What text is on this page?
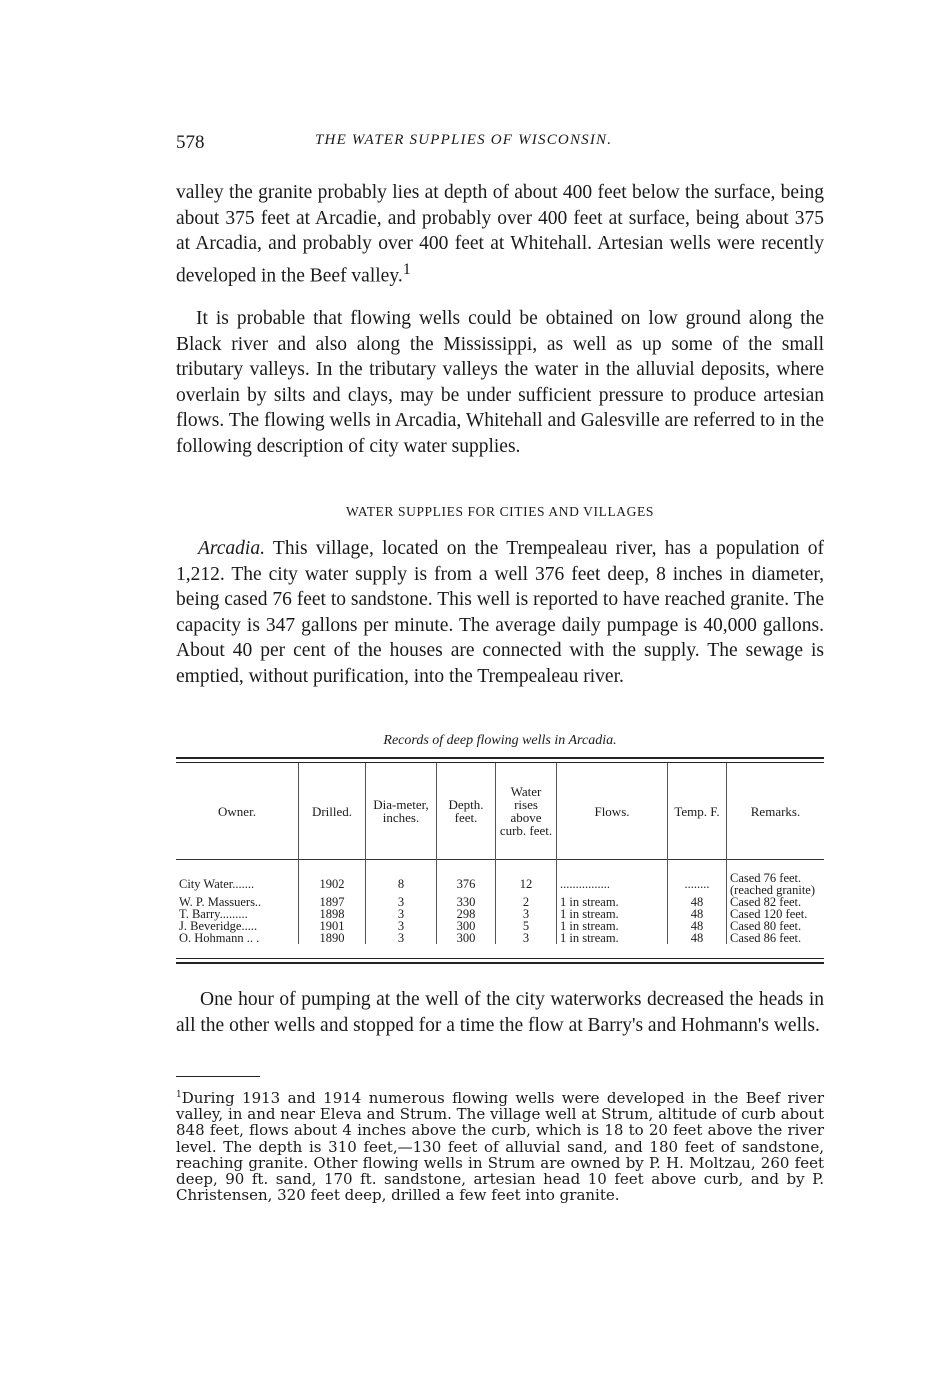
578	THE WATER SUPPLIES OF WISCONSIN.

valley the granite probably lies at depth of about 400 feet below the surface, being about 375 feet at Arcadie, and probably over 400 feet at surface, being about 375 at Arcadia, and probably over 400 feet at Whitehall. Artesian wells were recently developed in the Beef valley.$^1$

It is probable that flowing wells could be obtained on low ground along the Black river and also along the Mississippi, as well as up some of the small tributary valleys. In the tributary valleys the water in the alluvial deposits, where overlain by silts and clays, may be under sufficient pressure to produce artesian flows. The flowing wells in Arcadia, Whitehall and Galesville are referred to in the following description of city water supplies.

WATER SUPPLIES FOR CITIES AND VILLAGES

Arcadia. This village, located on the Trempealeau river, has a population of 1,212. The city water supply is from a well 376 feet deep, 8 inches in diameter, being cased 76 feet to sandstone. This well is reported to have reached granite. The capacity is 347 gallons per minute. The average daily pumpage is 40,000 gallons. About 40 per cent of the houses are connected with the supply. The sewage is emptied, without purification, into the Trempealeau river.

Records of deep flowing wells in Arcadia.
Owner.	Drilled.	Dia-meter, inches.	Depth. feet.	Water rises above curb. feet.	Flows.	Temp. F.	Remarks.

City Water.......	1902	8	376	12	................	........	Cased 76 feet. (reached granite)
W. P. Massuers..	1897	3	330	2	1 in stream.	48	Cased 82 feet.
T. Barry.........	1898	3	298	3	1 in stream.	48	Cased 120 feet.
J. Beveridge.....	1901	3	300	5	1 in stream.	48	Cased 80 feet.
O. Hohmann .. .	1890	3	300	3	1 in stream.	48	Cased 86 feet.

One hour of pumping at the well of the city waterworks decreased the heads in all the other wells and stopped for a time the flow at Barry's and Hohmann's wells.

$^1$During 1913 and 1914 numerous flowing wells were developed in the Beef river valley, in and near Eleva and Strum. The village well at Strum, altitude of curb about 848 feet, flows about 4 inches above the curb, which is 18 to 20 feet above the river level. The depth is 310 feet,—130 feet of alluvial sand, and 180 feet of sandstone, reaching granite. Other flowing wells in Strum are owned by P. H. Moltzau, 260 feet deep, 90 ft. sand, 170 ft. sandstone, artesian head 10 feet above curb, and by P. Christensen, 320 feet deep, drilled a few feet into granite.
